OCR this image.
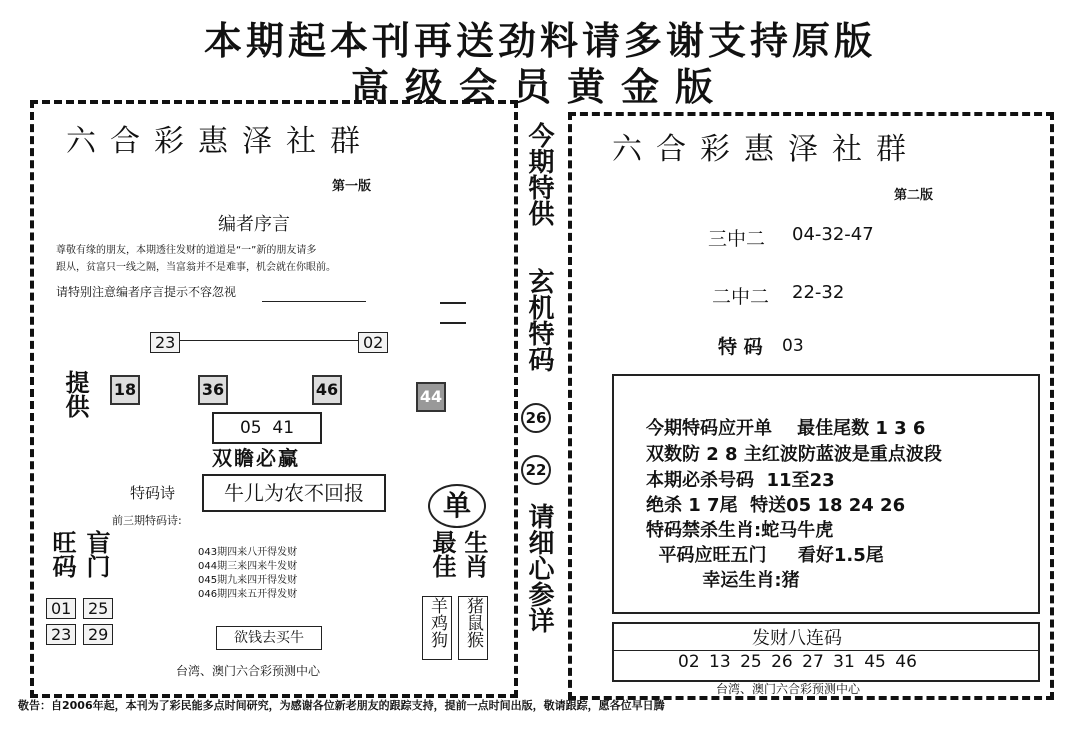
本期起本刊再送劲料请多谢支持原版
高级会员黄金版
六合彩惠泽社群
第一版
编者序言
尊敬有缘的朋友，本期透往发财的道道是“一”新的朋友请多
跟从，贫富只一线之隔，当富翁并不是难事，机会就在你眼前。
请特别注意编者序言提示不容忽视
23	02
提供 18	36	46	44
05  41
双瞻必赢
特码诗	牛儿为农不回报
前三期特码诗:
043期四来八开得发财
044期三来四来牛发财
045期九来四开得发财
046期四来五开得发财
旺码 盲门
01	25
23	29	欲钱去买牛
单
最佳 生肖
羊鸡狗 猪鼠猴
台湾、澳门六合彩预测中心
今期特供
玄机特码
26
22
请细心参详
六合彩惠泽社群
第二版
三中二 04-32-47
二中二 22-32
特 码 03
今期特码应开单    最佳尾数 1 3 6
双数防 2 8 主红波防蓝波是重点波段
本期必杀号码  11至23
绝杀 1 7尾  特送05 18 24 26
特码禁杀生肖:蛇马牛虎
平码应旺五门     看好1.5尾
幸运生肖:猪
发财八连码
02 13 25 26 27 31 45 46
台湾、澳门六合彩预测中心
敬告：自2006年起，本刊为了彩民能多点时间研究，为感谢各位新老朋友的跟踪支持，提前一点时间出版，敬请跟踪，愿各位早日腾
